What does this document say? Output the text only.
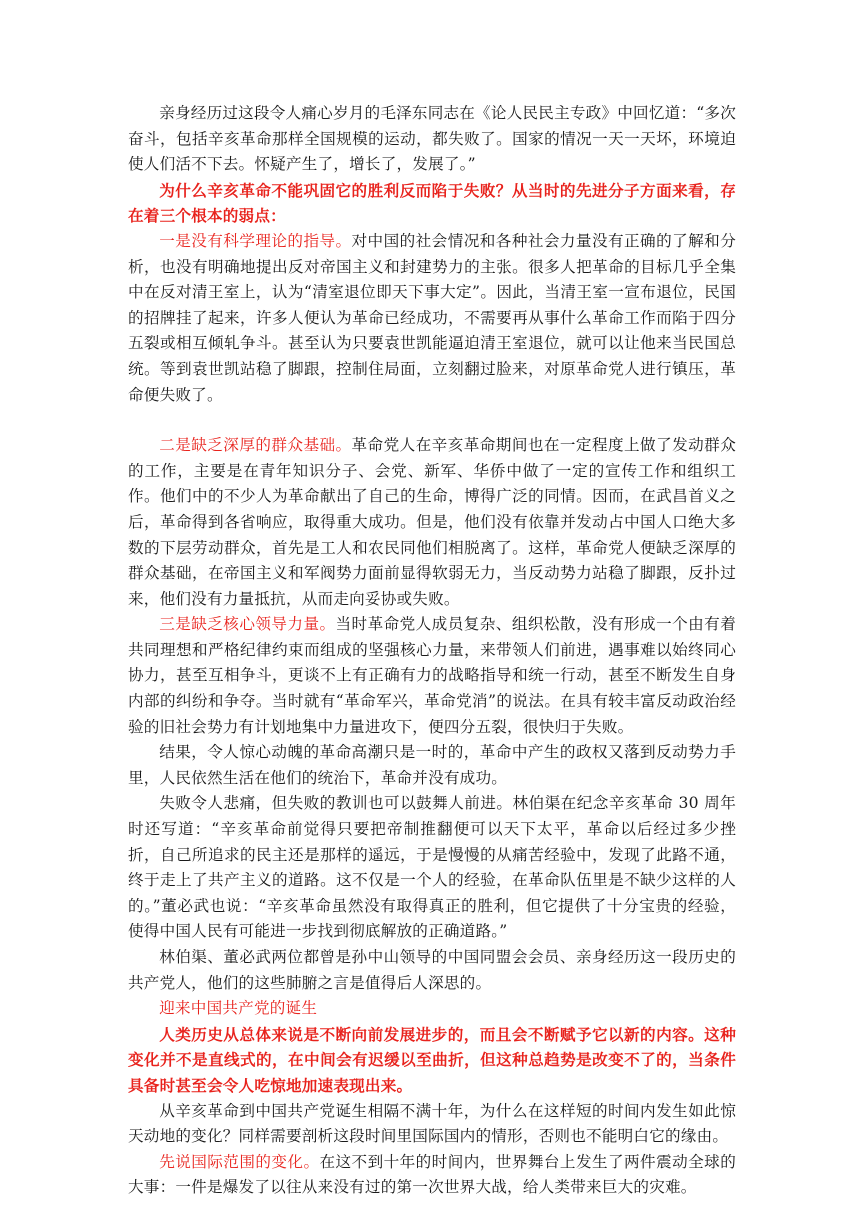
亲身经历过这段令人痛心岁月的毛泽东同志在《论人民民主专政》中回忆道：“多次奋斗，包括辛亥革命那样全国规模的运动，都失败了。国家的情况一天一天坏，环境迫使人们活不下去。怀疑产生了，增长了，发展了。”

为什么辛亥革命不能巩固它的胜利反而陷于失败？从当时的先进分子方面来看，存在着三个根本的弱点：

一是没有科学理论的指导。对中国的社会情况和各种社会力量没有正确的了解和分析，也没有明确地提出反对帝国主义和封建势力的主张。很多人把革命的目标几乎全集中在反对清王室上，认为“清室退位即天下事大定”。因此，当清王室一宣布退位，民国的招牌挂了起来，许多人便认为革命已经成功，不需要再从事什么革命工作而陷于四分五裂或相互倾轧争斗。甚至认为只要袁世凯能逼迫清王室退位，就可以让他来当民国总统。等到袁世凯站稳了脚跟，控制住局面，立刻翻过脸来，对原革命党人进行镇压，革命便失败了。

二是缺乏深厚的群众基础。革命党人在辛亥革命期间也在一定程度上做了发动群众的工作，主要是在青年知识分子、会党、新军、华侨中做了一定的宣传工作和组织工作。他们中的不少人为革命献出了自己的生命，博得广泛的同情。因而，在武昌首义之后，革命得到各省响应，取得重大成功。但是，他们没有依靠并发动占中国人口绝大多数的下层劳动群众，首先是工人和农民同他们相脱离了。这样，革命党人便缺乏深厚的群众基础，在帝国主义和军阀势力面前显得软弱无力，当反动势力站稳了脚跟，反扑过来，他们没有力量抵抗，从而走向妥协或失败。

三是缺乏核心领导力量。当时革命党人成员复杂、组织松散，没有形成一个由有着共同理想和严格纪律约束而组成的坚强核心力量，来带领人们前进，遇事难以始终同心协力，甚至互相争斗，更谈不上有正确有力的战略指导和统一行动，甚至不断发生自身内部的纠纷和争夺。当时就有“革命军兴，革命党消”的说法。在具有较丰富反动政治经验的旧社会势力有计划地集中力量进攻下，便四分五裂，很快归于失败。

结果，令人惊心动魄的革命高潮只是一时的，革命中产生的政权又落到反动势力手里，人民依然生活在他们的统治下，革命并没有成功。

失败令人悲痛，但失败的教训也可以鼓舞人前进。林伯渠在纪念辛亥革命 30 周年时还写道：“辛亥革命前觉得只要把帝制推翻便可以天下太平，革命以后经过多少挫折，自己所追求的民主还是那样的遥远，于是慢慢的从痛苦经验中，发现了此路不通，终于走上了共产主义的道路。这不仅是一个人的经验，在革命队伍里是不缺少这样的人的。”董必武也说：“辛亥革命虽然没有取得真正的胜利，但它提供了十分宝贵的经验，使得中国人民有可能进一步找到彻底解放的正确道路。”

林伯渠、董必武两位都曾是孙中山领导的中国同盟会会员、亲身经历这一段历史的共产党人，他们的这些肺腑之言是值得后人深思的。

迎来中国共产党的诞生

人类历史从总体来说是不断向前发展进步的，而且会不断赋予它以新的内容。这种变化并不是直线式的，在中间会有迟缓以至曲折，但这种总趋势是改变不了的，当条件具备时甚至会令人吃惊地加速表现出来。

从辛亥革命到中国共产党诞生相隔不满十年，为什么在这样短的时间内发生如此惊天动地的变化？同样需要剖析这段时间里国际国内的情形，否则也不能明白它的缘由。

先说国际范围的变化。在这不到十年的时间内，世界舞台上发生了两件震动全球的大事：一件是爆发了以往从来没有过的第一次世界大战，给人类带来巨大的灾难。
